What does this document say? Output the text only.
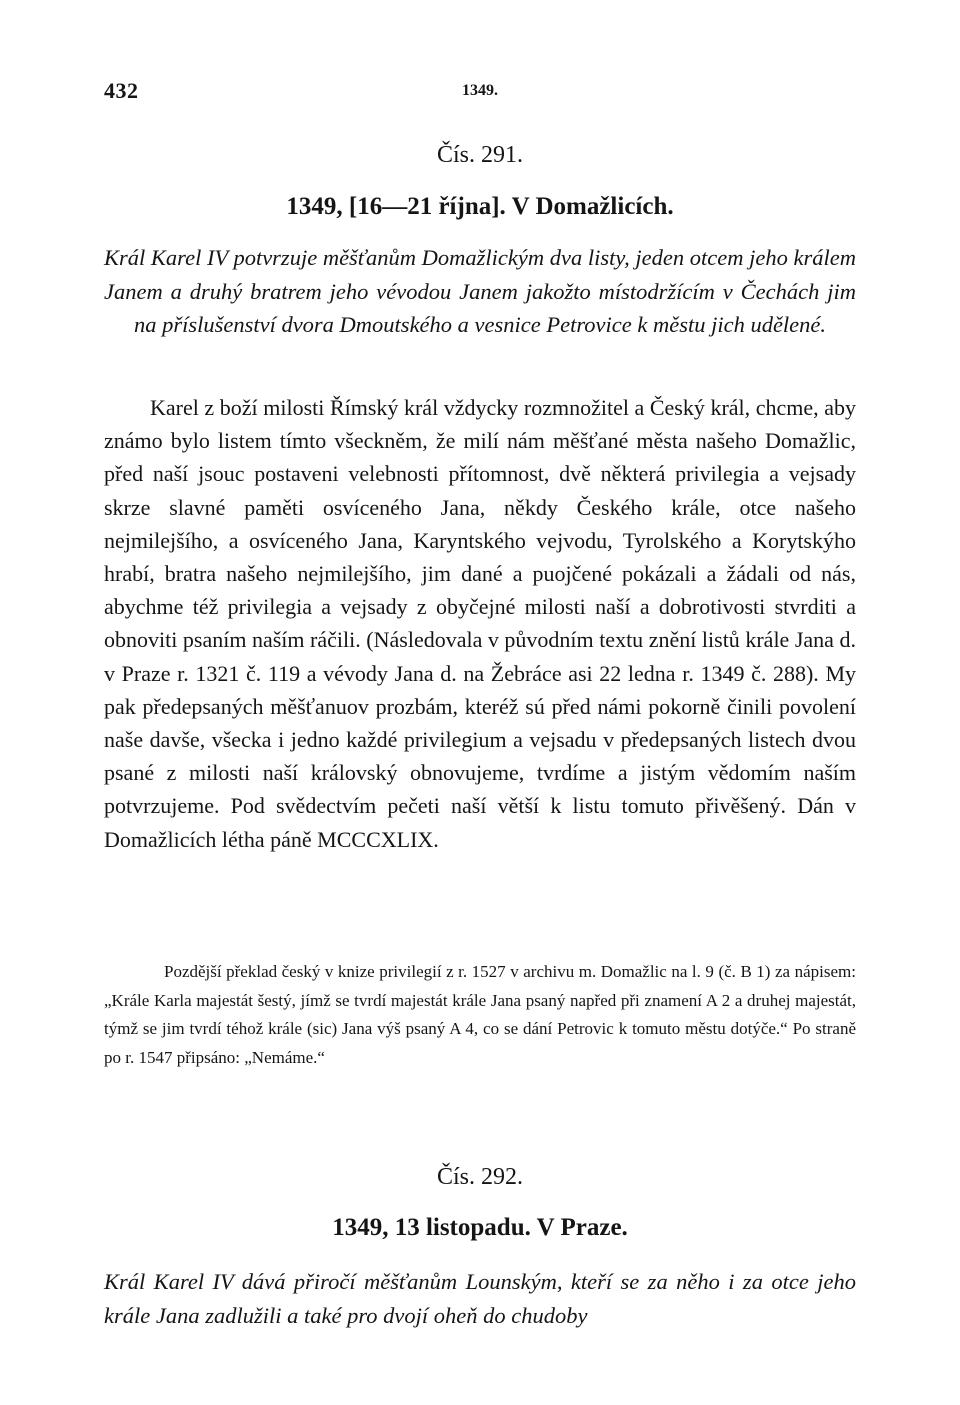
432	1349.
Čís. 291.
1349, [16—21 října]. V Domažlicích.
Král Karel IV potvrzuje měšťanům Domažlickým dva listy, jeden otcem jeho králem Janem a druhý bratrem jeho vévodou Janem jakožto místodržícím v Čechách jim na příslušenství dvora Dmoutského a vesnice Petrovice k městu jich udělené.
Karel z boží milosti Římský král vždycky rozmnožitel a Český král, chcme, aby známo bylo listem tímto všeckněm, že milí nám měšťané města našeho Domažlic, před naší jsouc postaveni velebnosti přítomnost, dvě některá privilegia a vejsady skrze slavné paměti osvíceného Jana, někdy Českého krále, otce našeho nejmilejšího, a osvíceného Jana, Karyntského vejvodu, Tyrolského a Korytskýho hrabí, bratra našeho nejmilejšího, jim dané a puojčené pokázali a žádali od nás, abychme též privilegia a vejsady z obyčejné milosti naší a dobrotivosti stvrditi a obnoviti psaním naším ráčili. (Následovala v původním textu znění listů krále Jana d. v Praze r. 1321 č. 119 a vévody Jana d. na Žebráce asi 22 ledna r. 1349 č. 288). My pak předepsaných měšťanuov prozbám, kteréž sú před námi pokorně činili povolení naše davše, všecka i jedno každé privilegium a vejsadu v předepsaných listech dvou psané z milosti naší královský obnovujeme, tvrdíme a jistým vědomím naším potvrzujeme. Pod svědectvím pečeti naší větší k listu tomuto přivěšený. Dán v Domažlicích létha páně MCCCXLIX.
Pozdější překlad český v knize privilegií z r. 1527 v archivu m. Domažlic na l. 9 (č. B 1) za nápisem: „Krále Karla majestát šestý, jímž se tvrdí majestát krále Jana psaný napřed při znamení A 2 a druhej majestát, týmž se jim tvrdí téhož krále (sic) Jana výš psaný A 4, co se dání Petrovic k tomuto městu dotýče.“ Po straně po r. 1547 připsáno: „Nemáme.“
Čís. 292.
1349, 13 listopadu. V Praze.
Král Karel IV dává přiročí měšťanům Lounským, kteří se za něho i za otce jeho krále Jana zadlužili a také pro dvojí oheň do chudoby
